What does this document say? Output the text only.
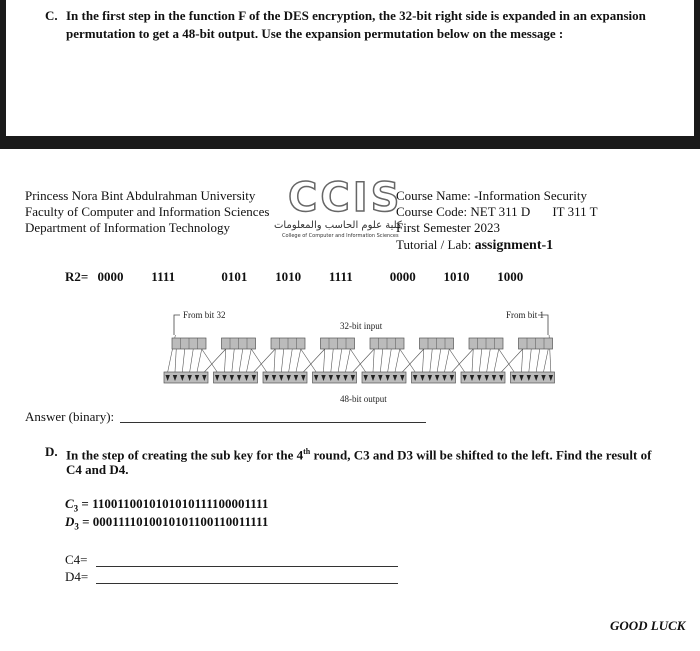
C. In the first step in the function F of the DES encryption, the 32-bit right side is expanded in an expansion
permutation to get a 48-bit output. Use the expansion permutation below on the message :
Princess Nora Bint Abdulrahman University
Faculty of Computer and Information Sciences
Department of Information Technology
CCIS
كلية علوم الحاسب والمعلومات
College of Computer and Information Sciences
Course Name: -Information Security
Course Code: NET 311 D IT 311 T
First Semester 2023
Tutorial / Lab: assignment-1
R2= 0000   1111     0101   1010   1111    0000   1010   1000
From bit 32
32-bit input
From bit 1
48-bit output
Answer (binary):
D. In the step of creating the sub key for the 4th round, C3 and D3 will be shifted to the left. Find the result of
C4 and D4.
$C_3 = 1100110010101010111100001111$
$D_3 = 0001111010010101100110011111$
C4=
D4=
GOOD LUCK
